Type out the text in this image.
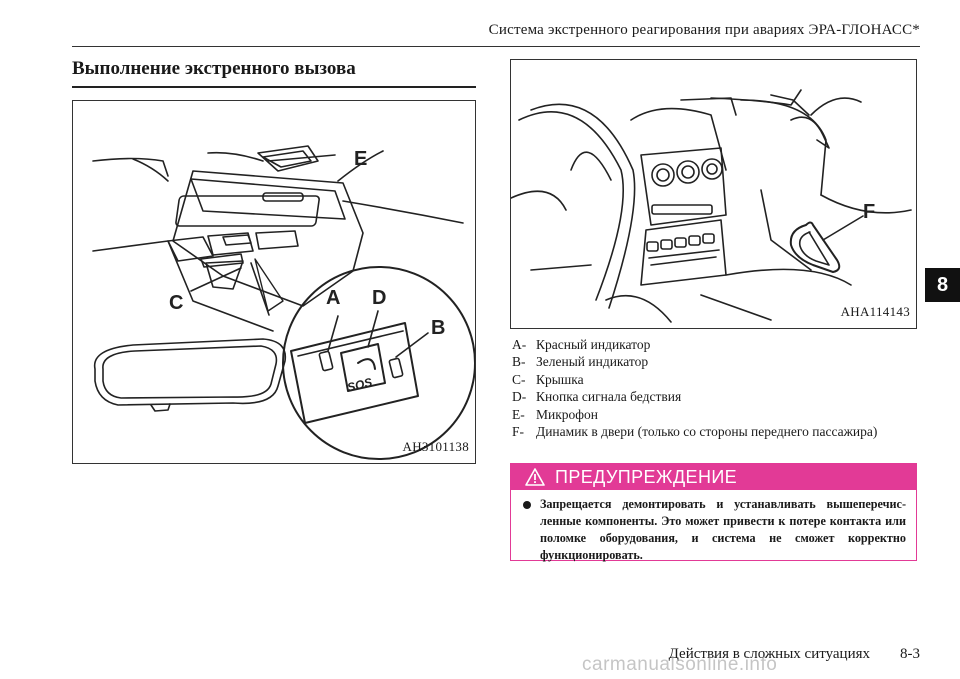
Система экстренного реагирования при авариях ЭРА-ГЛОНАСС*
Выполнение экстренного вызова
E
C	A D
B
SOS
AH3101138
F
AHA114143
A- Красный индикатор
B- Зеленый индикатор
C- Крышка
D- Кнопка сигнала бедствия
E- Микрофон
F- Динамик в двери (только со стороны переднего пассажира)
ПРЕДУПРЕЖДЕНИЕ
Запрещается демонтировать и устанавливать вышеперечис-ленные компоненты. Это может привести к потере контакта или поломке оборудования, и система не сможет корректно функционировать.
8
Действия в сложных ситуациях 8-3
carmanualsonline.info
